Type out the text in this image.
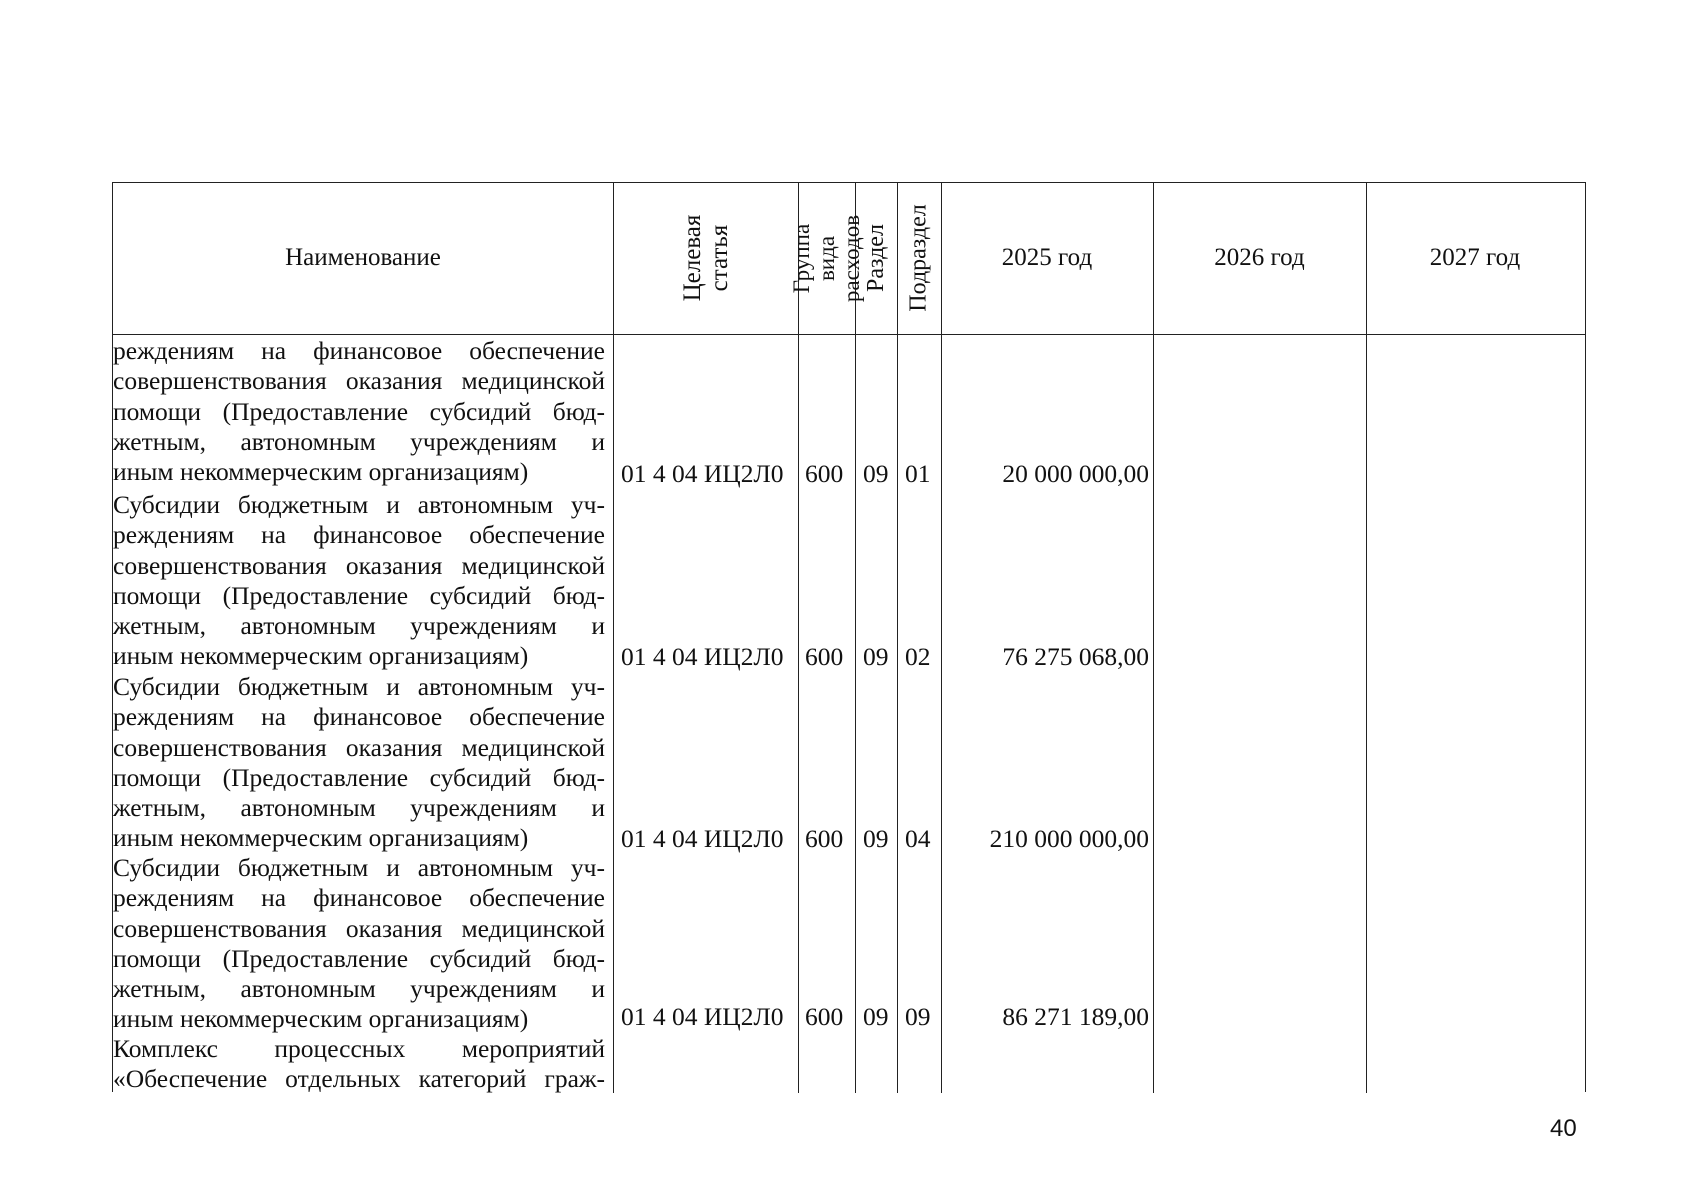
Наименование	Целевая статья Группа вида расходов Раздел Подраздел	2025 год	2026 год	2027 год
реждениям на финансовое обеспечение
совершенствования оказания медицинской
помощи (Предоставление субсидий бюд-
жетным, автономным учреждениям и
иным некоммерческим организациям)	01 4 04 ИЦ2Л0 600 09 01	20 000 000,00
Субсидии бюджетным и автономным уч-
реждениям на финансовое обеспечение
совершенствования оказания медицинской
помощи (Предоставление субсидий бюд-
жетным, автономным учреждениям и
иным некоммерческим организациям)	01 4 04 ИЦ2Л0 600 09 02	76 275 068,00
Субсидии бюджетным и автономным уч-
реждениям на финансовое обеспечение
совершенствования оказания медицинской
помощи (Предоставление субсидий бюд-
жетным, автономным учреждениям и
иным некоммерческим организациям)	01 4 04 ИЦ2Л0 600 09 04	210 000 000,00
Субсидии бюджетным и автономным уч-
реждениям на финансовое обеспечение
совершенствования оказания медицинской
помощи (Предоставление субсидий бюд-
жетным, автономным учреждениям и
иным некоммерческим организациям)	01 4 04 ИЦ2Л0 600 09 09	86 271 189,00
Комплекс процессных мероприятий
«Обеспечение отдельных категорий граж-
40
